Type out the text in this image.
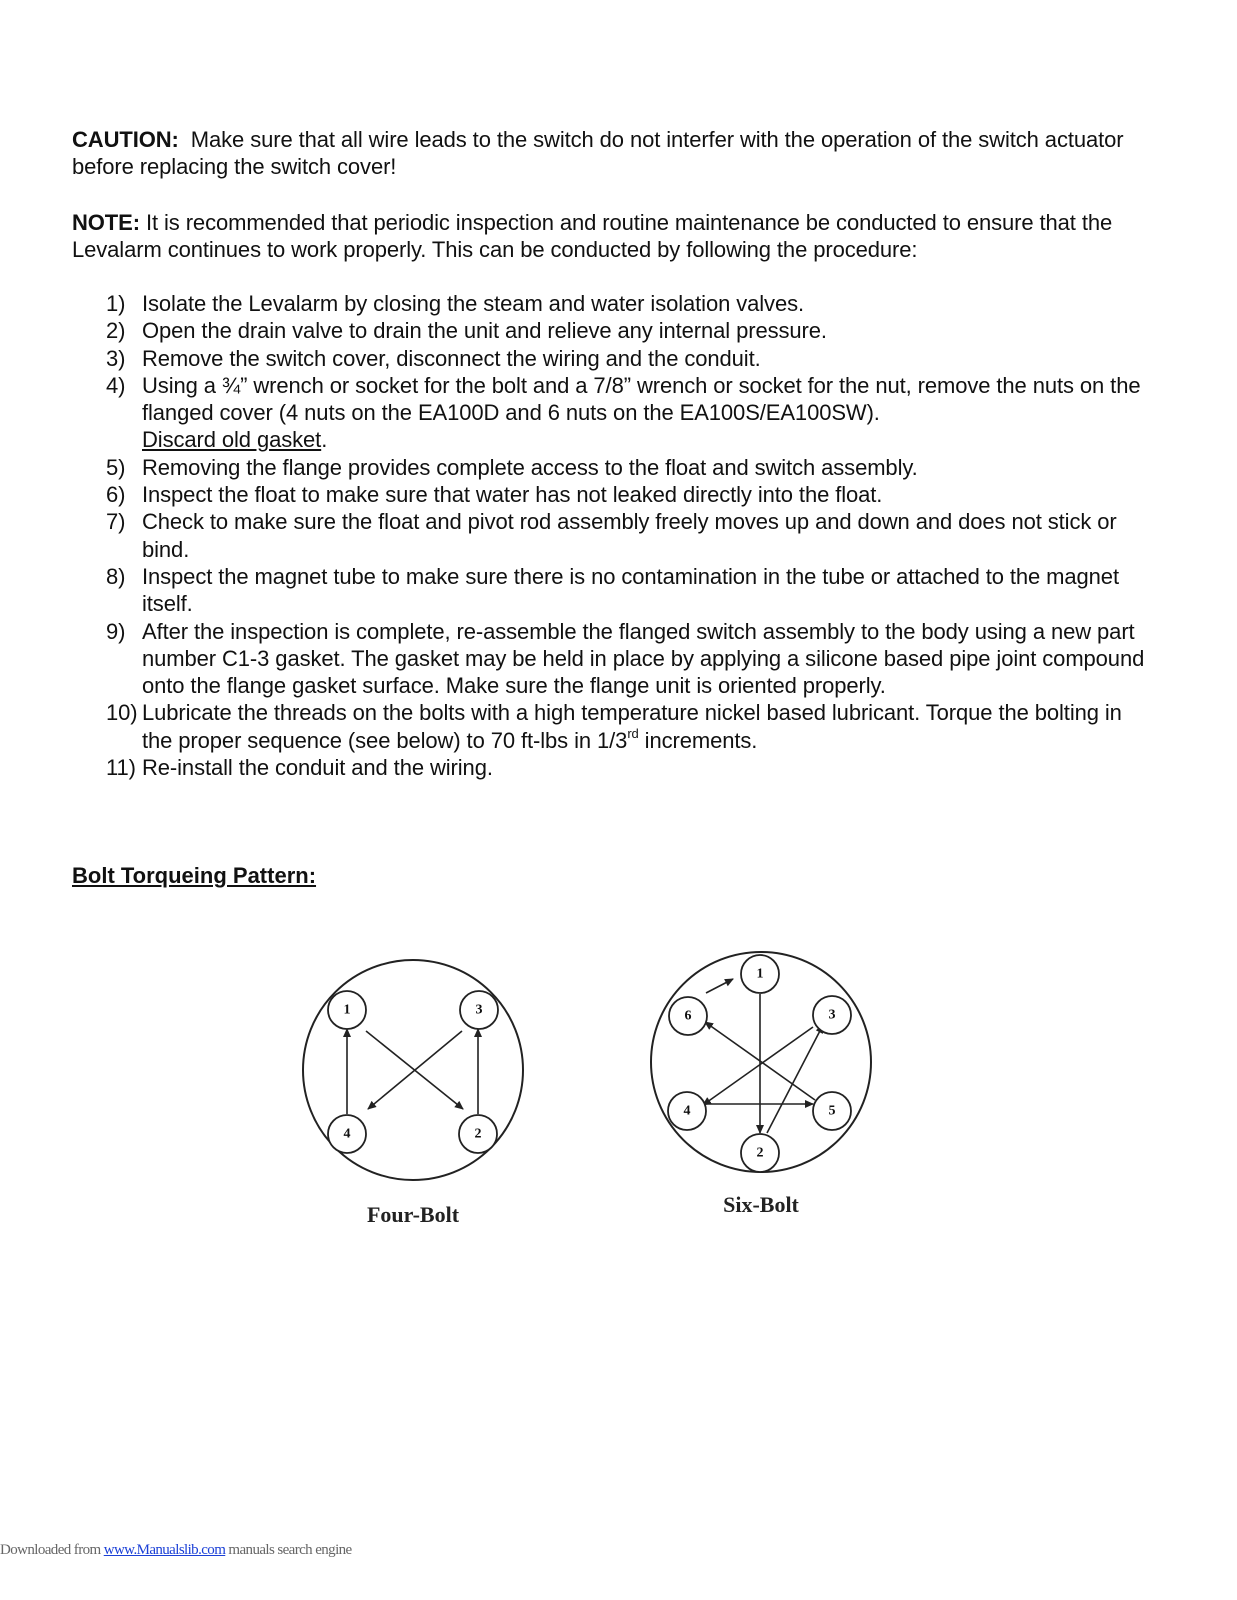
CAUTION: Make sure that all wire leads to the switch do not interfer with the operation of the switch actuator before replacing the switch cover!

NOTE: It is recommended that periodic inspection and routine maintenance be conducted to ensure that the Levalarm continues to work properly. This can be conducted by following the procedure:

1) Isolate the Levalarm by closing the steam and water isolation valves.
2) Open the drain valve to drain the unit and relieve any internal pressure.
3) Remove the switch cover, disconnect the wiring and the conduit.
4) Using a ¾” wrench or socket for the bolt and a 7/8” wrench or socket for the nut, remove the nuts on the flanged cover (4 nuts on the EA100D and 6 nuts on the EA100S/EA100SW).
Discard old gasket.
5) Removing the flange provides complete access to the float and switch assembly.
6) Inspect the float to make sure that water has not leaked directly into the float.
7) Check to make sure the float and pivot rod assembly freely moves up and down and does not stick or bind.
8) Inspect the magnet tube to make sure there is no contamination in the tube or attached to the magnet itself.
9) After the inspection is complete, re-assemble the flanged switch assembly to the body using a new part number C1-3 gasket. The gasket may be held in place by applying a silicone based pipe joint compound onto the flange gasket surface. Make sure the flange unit is oriented properly.
10) Lubricate the threads on the bolts with a high temperature nickel based lubricant. Torque the bolting in the proper sequence (see below) to 70 ft-lbs in 1/3rd increments.
11) Re-install the conduit and the wiring.
Bolt Torqueing Pattern:
1	3
4	2
Four-Bolt
1
6	3
4	5
2
Six-Bolt
Downloaded from www.Manualslib.com manuals search engine
